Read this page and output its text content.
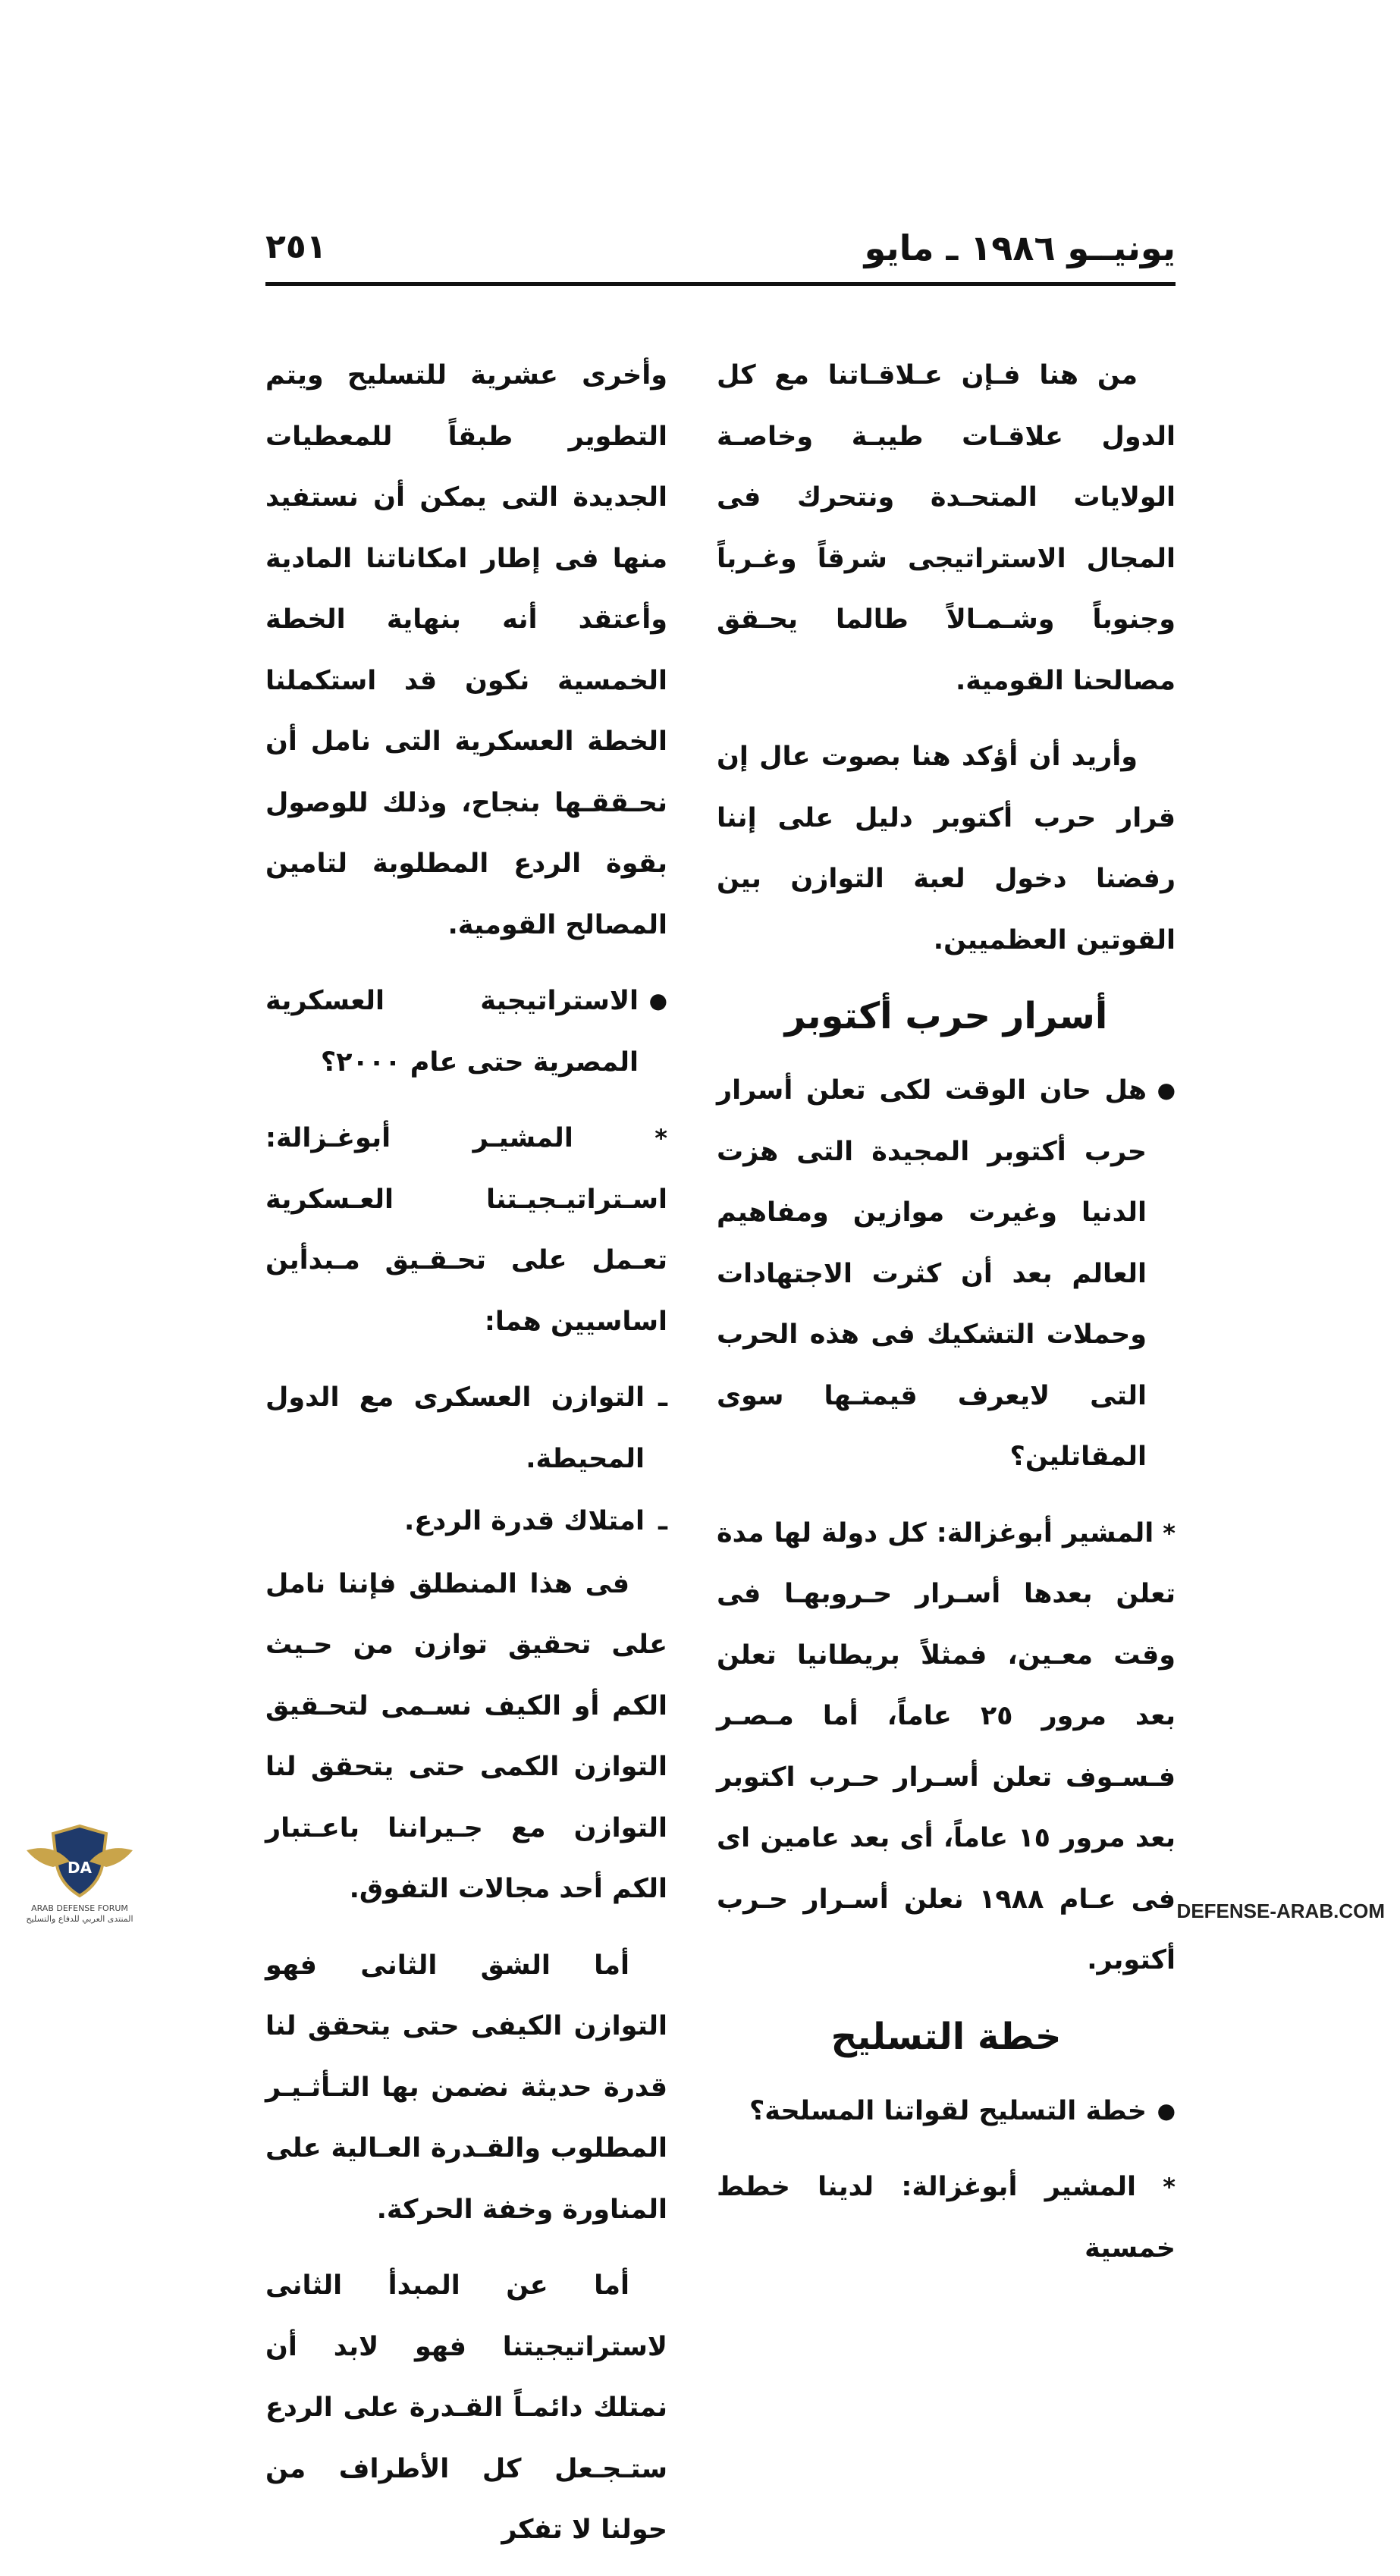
يونيــو ١٩٨٦ ـ مايو
٢٥١

من هنا فـإن عـلاقـاتنا مع كل الدول علاقـات طيبـة وخاصـة الولايات المتحـدة ونتحرك فى المجال الاستراتيجى شرقاً وغـرباً وجنوباً وشـمـالاً طالما يحـقق مصالحنا القومية.

وأريد أن أؤكد هنا بصوت عال إن قرار حرب أكتوبر دليل على إننا رفضنا دخول لعبة التوازن بين القوتين العظميين.

أسرار حرب أكتوبر

●
هل حان الوقت لكى تعلن أسرار حرب أكتوبر المجيدة التى هزت الدنيا وغيرت موازين ومفاهيم العالم بعد أن كثرت الاجتهادات وحملات التشكيك فى هذه الحرب التى لايعرف قيمتـها سوى المقاتلين؟

* المشير أبوغزالة: كل دولة لها مدة تعلن بعدها أسـرار حـروبهـا فى وقت معـين، فمثلاً بريطانيا تعلن بعد مرور ٢٥ عاماً، أما مـصـر فـسـوف تعلن أسـرار حـرب اكتوبر بعد مرور ١٥ عاماً، أى بعد عامين اى فى عـام ١٩٨٨ نعلن أسـرار حـرب أكتوبر.

خطة التسليح

●
خطة التسليح لقواتنا المسلحة؟

* المشير أبوغزالة: لدينا خطط خمسية

وأخرى عشرية للتسليح ويتم التطوير طبقاً للمعطيات الجديدة التى يمكن أن نستفيد منها فى إطار امكاناتنا المادية وأعتقد أنه بنهاية الخطة الخمسية نكون قد استكملنا الخطة العسكرية التى نامل أن نحـققـها بنجاح، وذلك للوصول بقوة الردع المطلوبة لتامين المصالح القومية.

●
الاستراتيجية العسكرية المصرية حتى عام ٢٠٠٠؟

* المشيـر أبوغـزالة: اسـتراتيـجيـتنا العـسكرية تعـمل على تحـقـيق مـبدأين اساسيين هما:

ـ
التوازن العسكرى مع الدول المحيطة.

ـ
امتلاك قدرة الردع.

فى هذا المنطلق فإننا نامل على تحقيق توازن من حـيث الكم أو الكيف نسـمى لتحـقيق التوازن الكمى حتى يتحقق لنا التوازن مع جـيراننا باعـتبار الكم أحد مجالات التفوق.

أما الشق الثانى فهو التوازن الكيفى حتى يتحقق لنا قدرة حديثة نضمن بها التـأثـيـر المطلوب والقـدرة العـالية على المناورة وخفة الحركة.

أما عن المبدأ الثانى لاستراتيجيتنا فهو لابد أن نمتلك دائمـاً القـدرة على الردع ستـجـعل كل الأطراف من حولنا لا تفكر

DA
ARAB DEFENSE FORUM
المنتدى العربي للدفاع والتسليح	DEFENSE-ARAB.COM
